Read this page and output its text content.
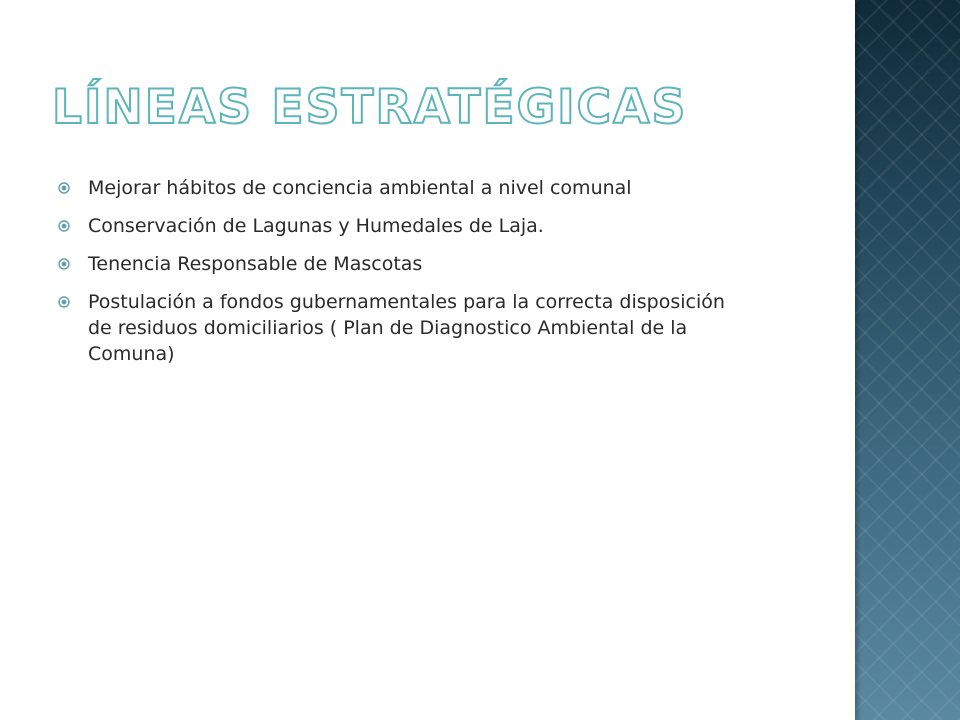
LÍNEAS ESTRATÉGICAS
Mejorar hábitos de conciencia ambiental a nivel comunal
Conservación de Lagunas y Humedales de Laja.
Tenencia Responsable de Mascotas
Postulación a fondos gubernamentales para la correcta disposición de residuos domiciliarios ( Plan de Diagnostico Ambiental de la Comuna)
